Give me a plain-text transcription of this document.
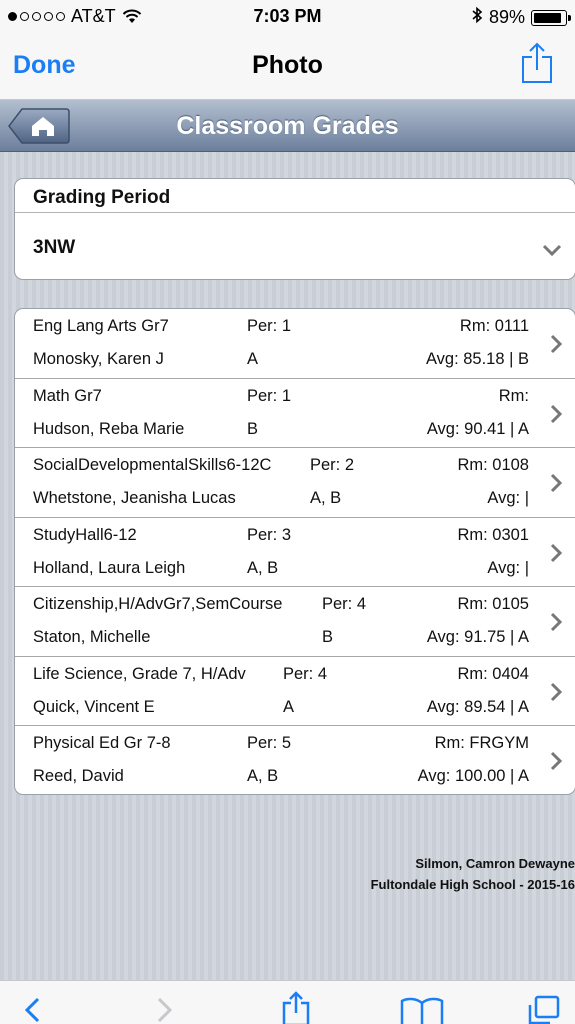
AT&T	7:03 PM	89%
Done	Photo
Classroom Grades
Grading Period
3NW
Eng Lang Arts Gr7	Per: 1	Rm: 0111
Monosky, Karen J	A	Avg: 85.18 | B
Math Gr7	Per: 1	Rm:
Hudson, Reba Marie	B	Avg: 90.41 | A
SocialDevelopmentalSkills6-12C Per: 2	Rm: 0108
Whetstone, Jeanisha Lucas	A, B	Avg: |
StudyHall6-12	Per: 3	Rm: 0301
Holland, Laura Leigh	A, B	Avg: |
Citizenship,H/AdvGr7,SemCourse Per: 4	Rm: 0105
Staton, Michelle	B	Avg: 91.75 | A
Life Science, Grade 7, H/Adv Per: 4	Rm: 0404
Quick, Vincent E	A	Avg: 89.54 | A
Physical Ed Gr 7-8	Per: 5	Rm: FRGYM
Reed, David	A, B	Avg: 100.00 | A
Silmon, Camron Dewayne
Fultondale High School - 2015-16
